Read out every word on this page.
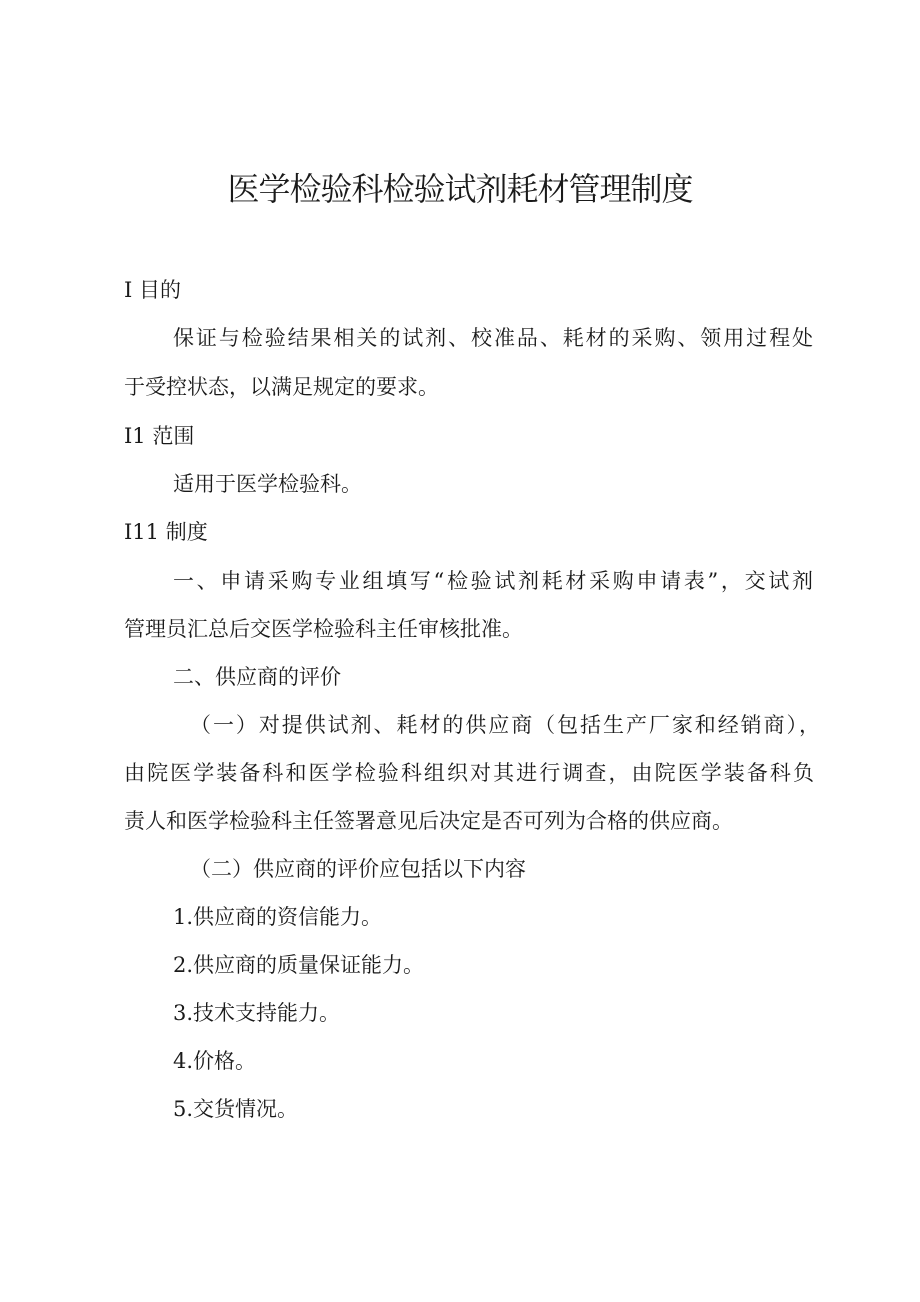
医学检验科检验试剂耗材管理制度

I 目的

保证与检验结果相关的试剂、校准品、耗材的采购、领用过程处

于受控状态，以满足规定的要求。

I1 范围

适用于医学检验科。

I11 制度

一、申请采购专业组填写“检验试剂耗材采购申请表”，交试剂

管理员汇总后交医学检验科主任审核批准。

二、供应商的评价

（一）对提供试剂、耗材的供应商（包括生产厂家和经销商），

由院医学装备科和医学检验科组织对其进行调查，由院医学装备科负

责人和医学检验科主任签署意见后决定是否可列为合格的供应商。

（二）供应商的评价应包括以下内容

1.供应商的资信能力。

2.供应商的质量保证能力。

3.技术支持能力。

4.价格。

5.交货情况。
